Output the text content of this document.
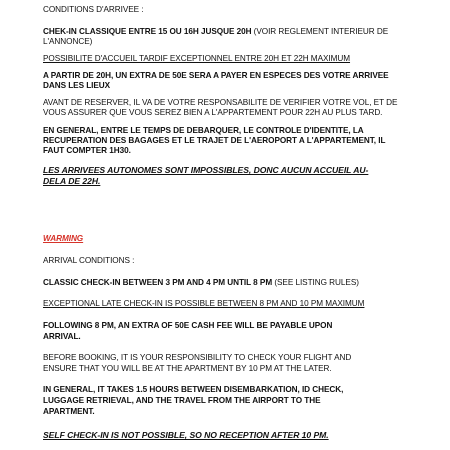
CONDITIONS D'ARRIVEE :
CHEK-IN CLASSIQUE ENTRE 15 OU 16H JUSQUE 20H (VOIR REGLEMENT INTERIEUR DE
L'ANNONCE)
POSSIBILITE D'ACCUEIL TARDIF EXCEPTIONNEL ENTRE 20H ET 22H MAXIMUM
A PARTIR DE 20H, UN EXTRA DE 50E SERA A PAYER EN ESPECES DES VOTRE ARRIVEE
DANS LES LIEUX
AVANT DE RESERVER, IL VA DE VOTRE RESPONSABILITE DE VERIFIER VOTRE VOL, ET DE
VOUS ASSURER QUE VOUS SEREZ BIEN A L'APPARTEMENT POUR 22H AU PLUS TARD.
EN GENERAL, ENTRE LE TEMPS DE DEBARQUER, LE CONTROLE D'IDENTITE, LA
RECUPERATION DES BAGAGES ET LE TRAJET DE L'AEROPORT A L'APPARTEMENT, IL
FAUT COMPTER 1H30.
LES ARRIVEES AUTONOMES SONT IMPOSSIBLES, DONC AUCUN ACCUEIL AU-
DELA DE 22H.
WARMING
ARRIVAL CONDITIONS :
CLASSIC CHECK-IN BETWEEN 3 PM AND 4 PM UNTIL 8 PM (SEE LISTING RULES)
EXCEPTIONAL LATE CHECK-IN IS POSSIBLE BETWEEN 8 PM AND 10 PM MAXIMUM
FOLLOWING 8 PM, AN EXTRA OF 50E CASH FEE WILL BE PAYABLE UPON
ARRIVAL.
BEFORE BOOKING, IT IS YOUR RESPONSIBILITY TO CHECK YOUR FLIGHT AND
ENSURE THAT YOU WILL BE AT THE APARTMENT BY 10 PM AT THE LATER.
IN GENERAL, IT TAKES 1.5 HOURS BETWEEN DISEMBARKATION, ID CHECK,
LUGGAGE RETRIEVAL, AND THE TRAVEL FROM THE AIRPORT TO THE
APARTMENT.
SELF CHECK-IN IS NOT POSSIBLE, SO NO RECEPTION AFTER 10 PM.
